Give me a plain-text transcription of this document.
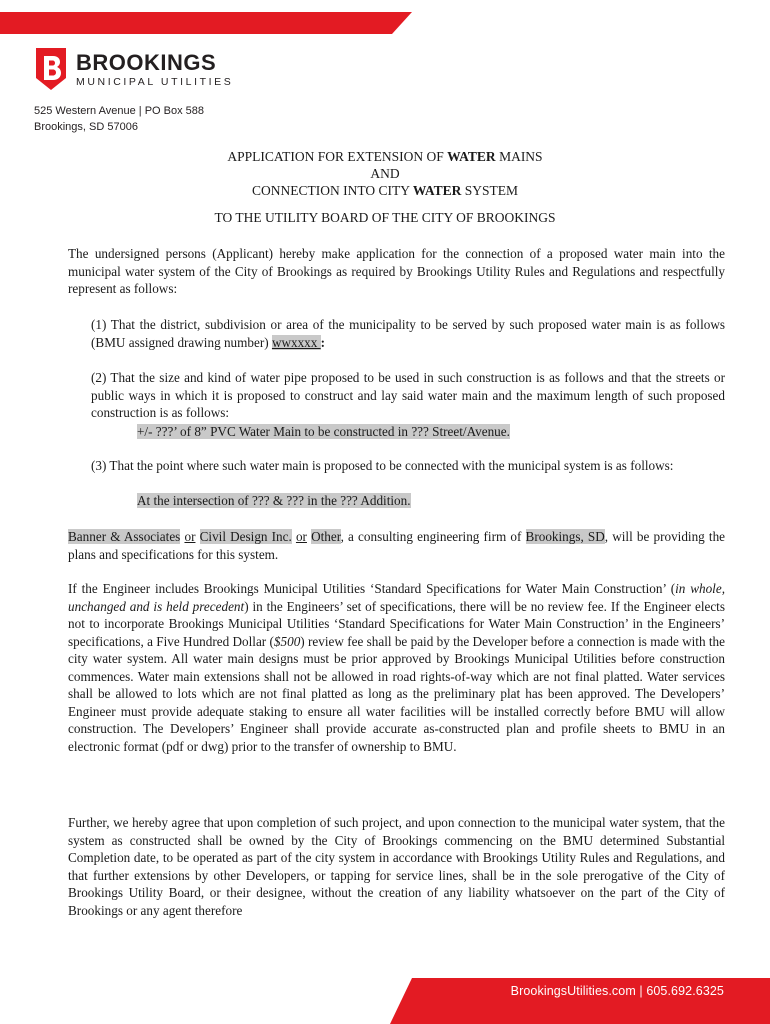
BROOKINGS
MUNICIPAL UTILITIES
525 Western Avenue | PO Box 588
Brookings, SD 57006
APPLICATION FOR EXTENSION OF WATER MAINS
AND
CONNECTION INTO CITY WATER SYSTEM
TO THE UTILITY BOARD OF THE CITY OF BROOKINGS
The undersigned persons (Applicant) hereby make application for the connection of a proposed water main into the municipal water system of the City of Brookings as required by Brookings Utility Rules and Regulations and respectfully represent as follows:
(1) That the district, subdivision or area of the municipality to be served by such proposed water main is as follows (BMU assigned drawing number) wwxxxx :
(2) That the size and kind of water pipe proposed to be used in such construction is as follows and that the streets or public ways in which it is proposed to construct and lay said water main and the maximum length of such proposed construction is as follows:
+/- ???’ of 8” PVC Water Main to be constructed in ??? Street/Avenue.
(3) That the point where such water main is proposed to be connected with the municipal system is as follows:
At the intersection of ??? & ??? in the ??? Addition.
Banner & Associates or Civil Design Inc. or Other, a consulting engineering firm of Brookings, SD, will be providing the plans and specifications for this system.
If the Engineer includes Brookings Municipal Utilities ‘Standard Specifications for Water Main Construction’ (in whole, unchanged and is held precedent) in the Engineers’ set of specifications, there will be no review fee. If the Engineer elects not to incorporate Brookings Municipal Utilities ‘Standard Specifications for Water Main Construction’ in the Engineers’ specifications, a Five Hundred Dollar ($500) review fee shall be paid by the Developer before a connection is made with the city water system. All water main designs must be prior approved by Brookings Municipal Utilities before construction commences. Water main extensions shall not be allowed in road rights-of-way which are not final platted. Water services shall be allowed to lots which are not final platted as long as the preliminary plat has been approved. The Developers’ Engineer must provide adequate staking to ensure all water facilities will be installed correctly before BMU will allow construction. The Developers’ Engineer shall provide accurate as-constructed plan and profile sheets to BMU in an electronic format (pdf or dwg) prior to the transfer of ownership to BMU.
Further, we hereby agree that upon completion of such project, and upon connection to the municipal water system, that the system as constructed shall be owned by the City of Brookings commencing on the BMU determined Substantial Completion date, to be operated as part of the city system in accordance with Brookings Utility Rules and Regulations, and that further extensions by other Developers, or tapping for service lines, shall be in the sole prerogative of the City of Brookings Utility Board, or their designee, without the creation of any liability whatsoever on the part of the City of Brookings or any agent therefore
BrookingsUtilities.com | 605.692.6325
